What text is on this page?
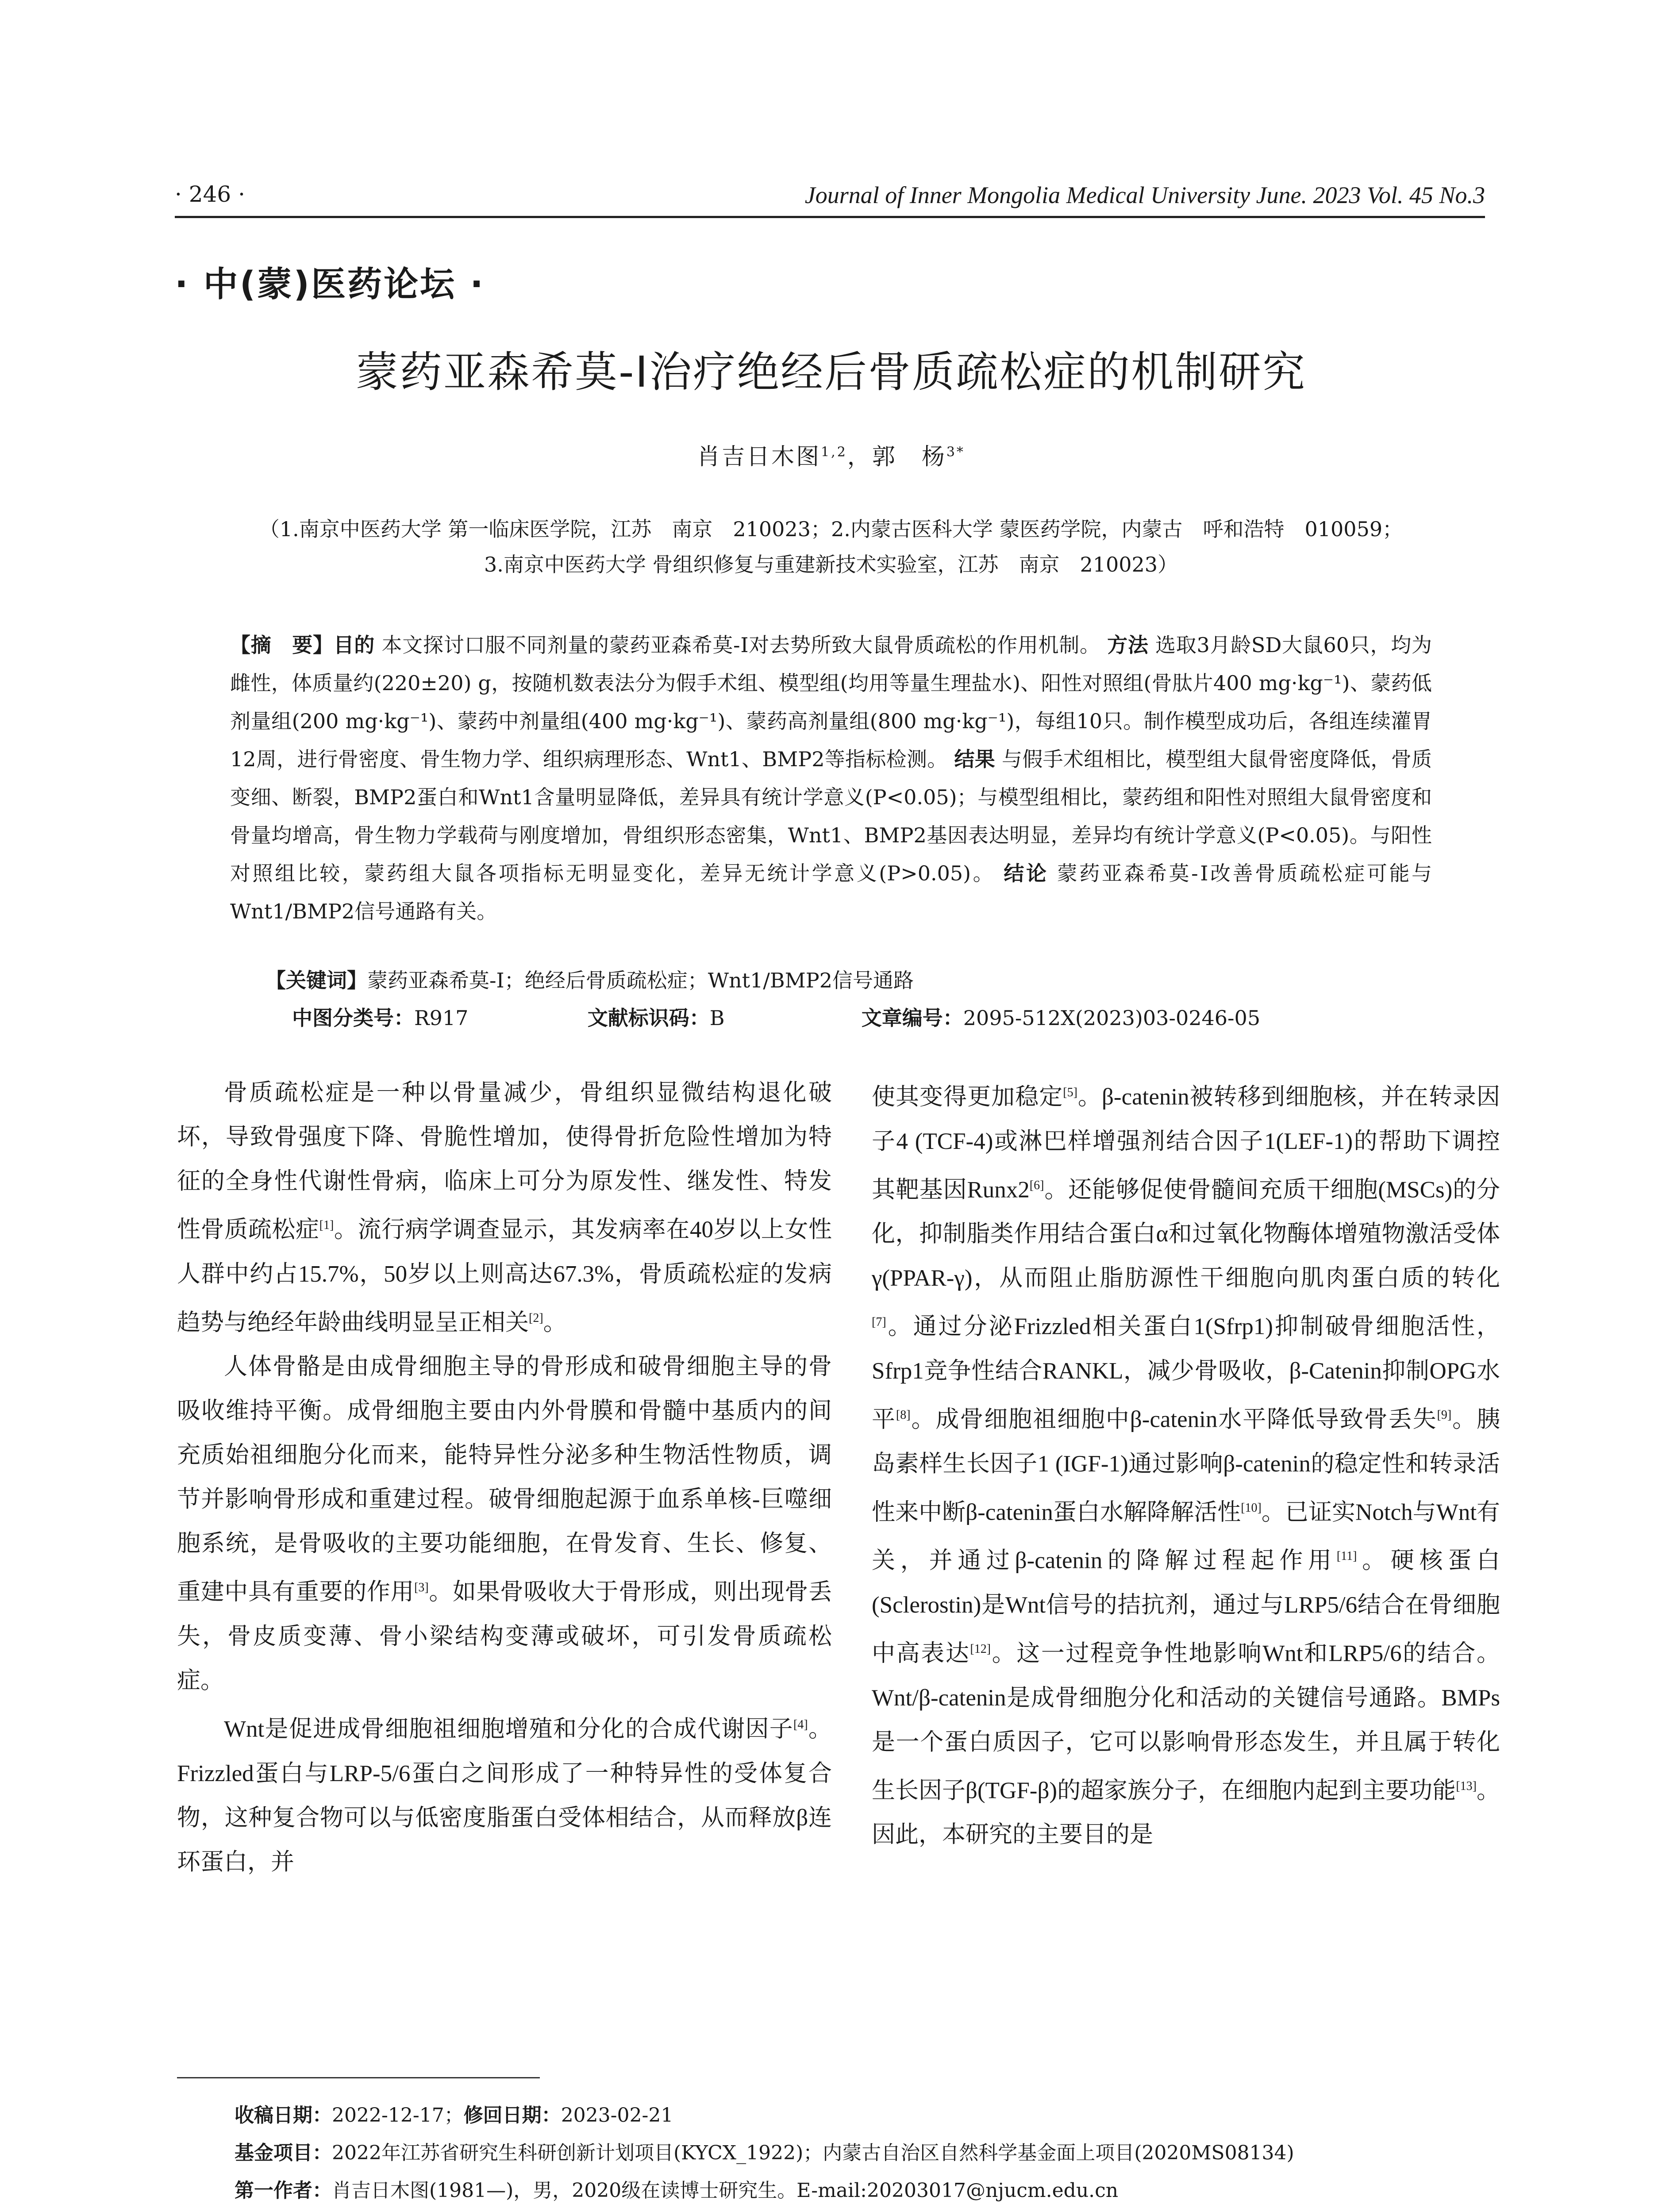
· 246 ·	Journal of Inner Mongolia Medical University June. 2023 Vol. 45 No.3
· 中(蒙)医药论坛 ·
蒙药亚森希莫-Ⅰ治疗绝经后骨质疏松症的机制研究
肖吉日木图$^{1,2}$，郭　杨$^{3*}$
（1.南京中医药大学 第一临床医学院，江苏　南京　210023；2.内蒙古医科大学 蒙医药学院，内蒙古　呼和浩特　010059；
3.南京中医药大学 骨组织修复与重建新技术实验室，江苏　南京　210023）
【摘　要】目的 本文探讨口服不同剂量的蒙药亚森希莫-Ⅰ对去势所致大鼠骨质疏松的作用机制。 方法 选取3月龄SD大鼠60只，均为雌性，体质量约(220±20) g，按随机数表法分为假手术组、模型组(均用等量生理盐水)、阳性对照组(骨肽片400 mg·kg⁻¹)、蒙药低剂量组(200 mg·kg⁻¹)、蒙药中剂量组(400 mg·kg⁻¹)、蒙药高剂量组(800 mg·kg⁻¹)，每组10只。制作模型成功后，各组连续灌胃12周，进行骨密度、骨生物力学、组织病理形态、Wnt1、BMP2等指标检测。 结果 与假手术组相比，模型组大鼠骨密度降低，骨质变细、断裂，BMP2蛋白和Wnt1含量明显降低，差异具有统计学意义(P<0.05)；与模型组相比，蒙药组和阳性对照组大鼠骨密度和骨量均增高，骨生物力学载荷与刚度增加，骨组织形态密集，Wnt1、BMP2基因表达明显，差异均有统计学意义(P<0.05)。与阳性对照组比较，蒙药组大鼠各项指标无明显变化，差异无统计学意义(P>0.05)。 结论 蒙药亚森希莫-Ⅰ改善骨质疏松症可能与Wnt1/BMP2信号通路有关。
【关键词】蒙药亚森希莫-Ⅰ；绝经后骨质疏松症；Wnt1/BMP2信号通路
中图分类号：R917	文献标识码：B	文章编号：2095-512X(2023)03-0246-05

骨质疏松症是一种以骨量减少，骨组织显微结构退化破坏，导致骨强度下降、骨脆性增加，使得骨折危险性增加为特征的全身性代谢性骨病，临床上可分为原发性、继发性、特发性骨质疏松症[1]。流行病学调查显示，其发病率在40岁以上女性人群中约占15.7%，50岁以上则高达67.3%，骨质疏松症的发病趋势与绝经年龄曲线明显呈正相关[2]。

人体骨骼是由成骨细胞主导的骨形成和破骨细胞主导的骨吸收维持平衡。成骨细胞主要由内外骨膜和骨髓中基质内的间充质始祖细胞分化而来，能特异性分泌多种生物活性物质，调节并影响骨形成和重建过程。破骨细胞起源于血系单核-巨噬细胞系统，是骨吸收的主要功能细胞，在骨发育、生长、修复、重建中具有重要的作用[3]。如果骨吸收大于骨形成，则出现骨丢失，骨皮质变薄、骨小梁结构变薄或破坏，可引发骨质疏松症。

Wnt是促进成骨细胞祖细胞增殖和分化的合成代谢因子[4]。Frizzled蛋白与LRP-5/6蛋白之间形成了一种特异性的受体复合物，这种复合物可以与低密度脂蛋白受体相结合，从而释放β连环蛋白，并

使其变得更加稳定[5]。β-catenin被转移到细胞核，并在转录因子4 (TCF-4)或淋巴样增强剂结合因子1(LEF-1)的帮助下调控其靶基因Runx2[6]。还能够促使骨髓间充质干细胞(MSCs)的分化，抑制脂类作用结合蛋白α和过氧化物酶体增殖物激活受体γ(PPAR-γ)，从而阻止脂肪源性干细胞向肌肉蛋白质的转化[7]。通过分泌Frizzled相关蛋白1(Sfrp1)抑制破骨细胞活性，Sfrp1竞争性结合RANKL，减少骨吸收，β-Catenin抑制OPG水平[8]。成骨细胞祖细胞中β-catenin水平降低导致骨丢失[9]。胰岛素样生长因子1 (IGF-1)通过影响β-catenin的稳定性和转录活性来中断β-catenin蛋白水解降解活性[10]。已证实Notch与Wnt有关，并通过β-catenin的降解过程起作用[11]。硬核蛋白(Sclerostin)是Wnt信号的拮抗剂，通过与LRP5/6结合在骨细胞中高表达[12]。这一过程竞争性地影响Wnt和LRP5/6的结合。Wnt/β-catenin是成骨细胞分化和活动的关键信号通路。BMPs是一个蛋白质因子，它可以影响骨形态发生，并且属于转化生长因子β(TGF-β)的超家族分子，在细胞内起到主要功能[13]。因此，本研究的主要目的是

收稿日期：2022-12-17；修回日期：2023-02-21
基金项目：2022年江苏省研究生科研创新计划项目(KYCX_1922)；内蒙古自治区自然科学基金面上项目(2020MS08134)
第一作者：肖吉日木图(1981—)，男，2020级在读博士研究生。E-mail:20203017@njucm.edu.cn
